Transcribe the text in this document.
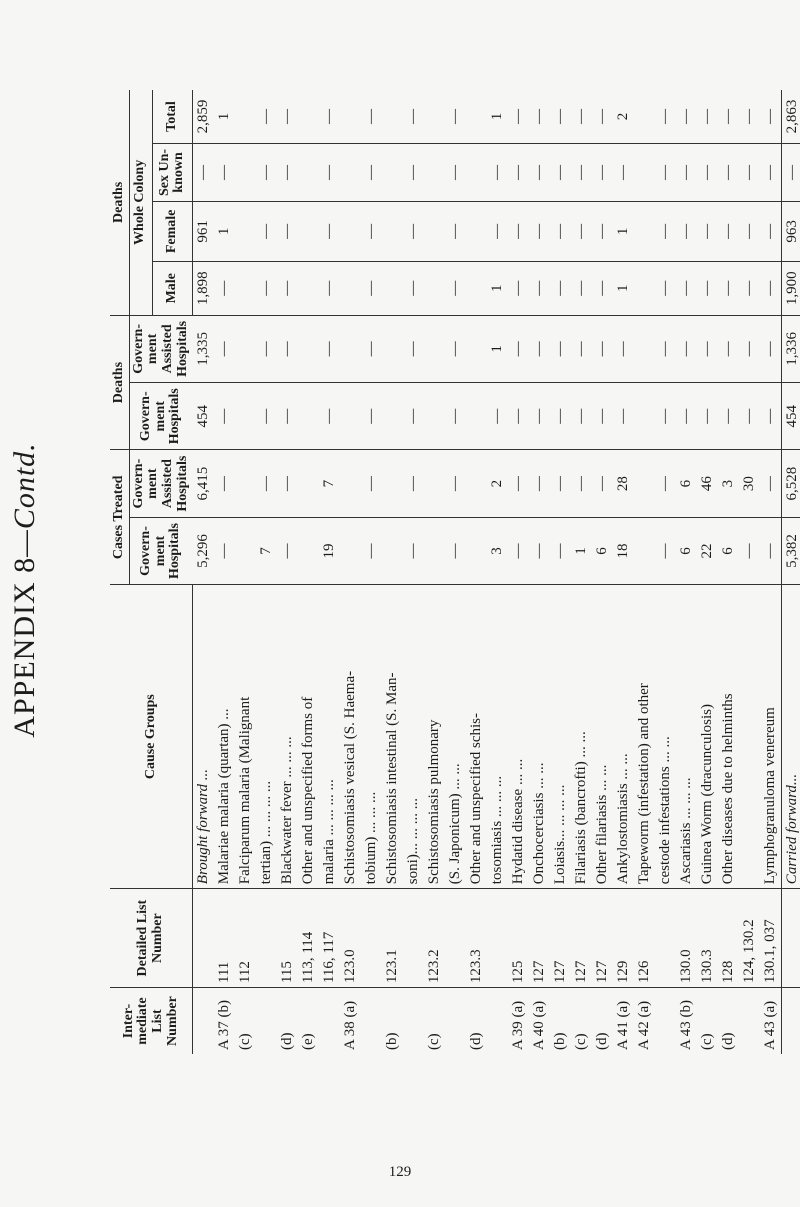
APPENDIX 8—Contd.
Inter-mediate List Number	Detailed List Number	Cause Groups	Cases Treated		Deaths		Deaths			
			Govern-ment Hospitals	Govern-ment Assisted Hospitals	Govern-ment Hospitals	Govern-ment Assisted Hospitals	Whole Colony			
							Male	Female	Sex Un-known	Total
		Brought forward ...	5,296	6,415	454	1,335	1,898	961	—	2,859
A 37 (b)	111	Malariae malaria (quartan) ...	—	—	—	—	—	1	—	1
(c)	112	Falciparum malaria (Malignant								
		tertian) ... ... ... ...	7	—	—	—	—	—	—	—
(d)	115	Blackwater fever ... ... ...	—	—	—	—	—	—	—	—
(e)	113, 114	Other and unspecified forms of								
	116, 117	malaria ... ... ... ...	19	7	—	—	—	—	—	—
A 38 (a)	123.0	Schistosomiasis vesical (S. Haema-								
		tobium) ... ... ...	—	—	—	—	—	—	—	—
(b)	123.1	Schistosomiasis intestinal (S. Man-								
		soni)... ... ... ...	—	—	—	—	—	—	—	—
(c)	123.2	Schistosomiasis pulmonary								
		(S. Japonicum) ... ...	—	—	—	—	—	—	—	—
(d)	123.3	Other and unspecified schis-								
		tosomiasis ... ... ...	3	2	—	1	1	—	—	1
A 39 (a)	125	Hydatid disease ... ...	—	—	—	—	—	—	—	—
A 40 (a)	127	Onchocerciasis ... ...	—	—	—	—	—	—	—	—
(b)	127	Loiasis... ... ... ...	—	—	—	—	—	—	—	—
(c)	127	Filariasis (bancrofti) ... ...	1	—	—	—	—	—	—	—
(d)	127	Other filariasis ... ...	6	—	—	—	—	—	—	—
A 41 (a)	129	Ankylostomiasis ... ...	18	28	—	—	1	1	—	2
A 42 (a)	126	Tapeworm (infestation) and other								
		cestode infestations ... ...	—	—	—	—	—	—	—	—
A 43 (b)	130.0	Ascariasis ... ... ...	6	6	—	—	—	—	—	—
(c)	130.3	Guinea Worm (dracunculosis)	22	46	—	—	—	—	—	—
(d)	128	Other diseases due to helminths	6	3	—	—	—	—	—	—
	124, 130.2		—	30	—	—	—	—	—	—
A 43 (a)	130.1, 037	Lymphogranuloma venereum	—	—	—	—	—	—	—	—
		Carried forward...	5,382	6,528	454	1,336	1,900	963	—	2,863
129
